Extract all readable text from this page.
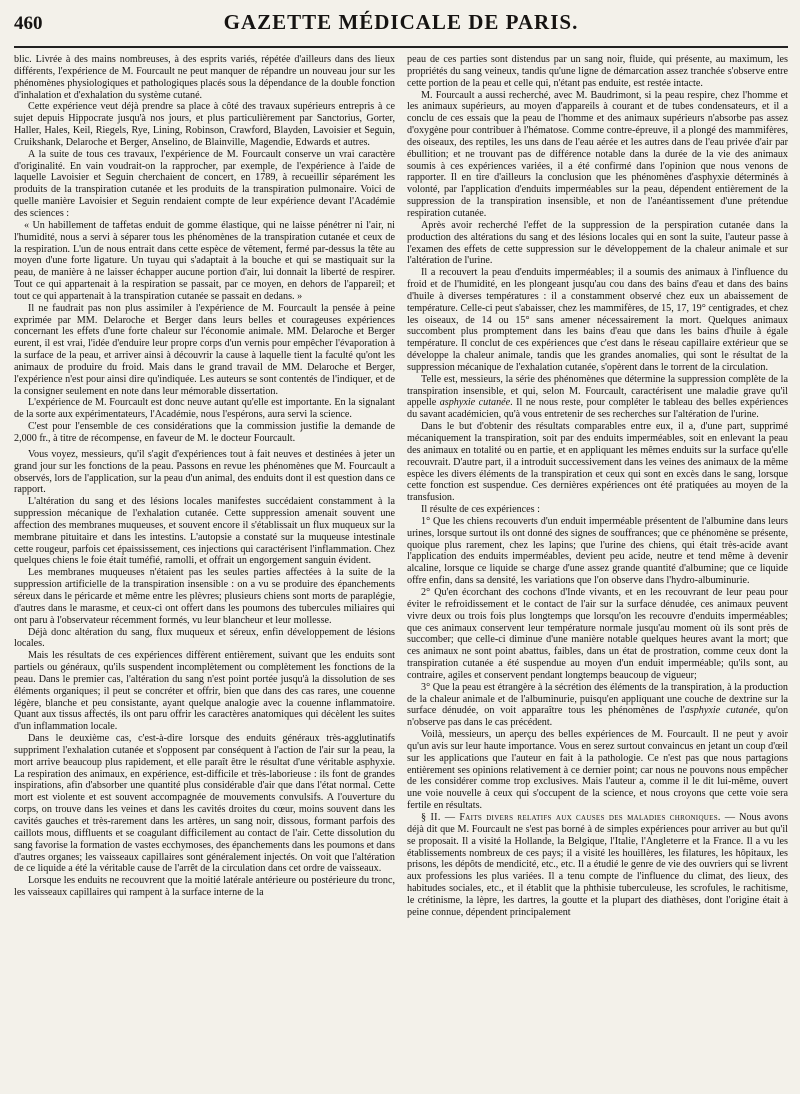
460	GAZETTE MÉDICALE DE PARIS.

blic. Livrée à des mains nombreuses, à des esprits variés, répétée d'ailleurs dans des lieux différents, l'expérience de M. Fourcault ne peut manquer de répandre un nouveau jour sur les phénomènes physiologiques et pathologiques placés sous la dépendance de la double fonction d'inhalation et d'exhalation du système cutané.

Cette expérience veut déjà prendre sa place à côté des travaux supérieurs entrepris à ce sujet depuis Hippocrate jusqu'à nos jours, et plus particulièrement par Sanctorius, Gorter, Haller, Hales, Keil, Riegels, Rye, Lining, Robinson, Crawford, Blayden, Lavoisier et Seguin, Cruikshank, Delaroche et Berger, Anselino, de Blainville, Magendie, Edwards et autres.

A la suite de tous ces travaux, l'expérience de M. Fourcault conserve un vrai caractère d'originalité. En vain voudrait-on la rapprocher, par exemple, de l'expérience à l'aide de laquelle Lavoisier et Seguin cherchaient de concert, en 1789, à recueillir séparément les produits de la transpiration cutanée et les produits de la transpiration pulmonaire. Voici de quelle manière Lavoisier et Seguin rendaient compte de leur expérience devant l'Académie des sciences :

« Un habillement de taffetas enduit de gomme élastique, qui ne laisse pénétrer ni l'air, ni l'humidité, nous a servi à séparer tous les phénomènes de la transpiration cutanée et ceux de la respiration. L'un de nous entrait dans cette espèce de vêtement, fermé par-dessus la tête au moyen d'une forte ligature. Un tuyau qui s'adaptait à la bouche et qui se mastiquait sur la peau, de manière à ne laisser échapper aucune portion d'air, lui donnait la liberté de respirer. Tout ce qui appartenait à la respiration se passait, par ce moyen, en dehors de l'appareil; et tout ce qui appartenait à la transpiration cutanée se passait en dedans. »

Il ne faudrait pas non plus assimiler à l'expérience de M. Fourcault la pensée à peine exprimée par MM. Delaroche et Berger dans leurs belles et courageuses expériences concernant les effets d'une forte chaleur sur l'économie animale. MM. Delaroche et Berger eurent, il est vrai, l'idée d'enduire leur propre corps d'un vernis pour empêcher l'évaporation à la surface de la peau, et arriver ainsi à découvrir la cause à laquelle tient la faculté qu'ont les animaux de produire du froid. Mais dans le grand travail de MM. Delaroche et Berger, l'expérience n'est pour ainsi dire qu'indiquée. Les auteurs se sont contentés de l'indiquer, et de la consigner seulement en note dans leur mémorable dissertation.

L'expérience de M. Fourcault est donc neuve autant qu'elle est importante. En la signalant de la sorte aux expérimentateurs, l'Académie, nous l'espérons, aura servi la science.

C'est pour l'ensemble de ces considérations que la commission justifie la demande de 2,000 fr., à titre de récompense, en faveur de M. le docteur Fourcault.

Vous voyez, messieurs, qu'il s'agit d'expériences tout à fait neuves et destinées à jeter un grand jour sur les fonctions de la peau. Passons en revue les phénomènes que M. Fourcault a observés, lors de l'application, sur la peau d'un animal, des enduits dont il est question dans ce rapport.

L'altération du sang et des lésions locales manifestes succédaient constamment à la suppression mécanique de l'exhalation cutanée. Cette suppression amenait souvent une affection des membranes muqueuses, et souvent encore il s'établissait un flux muqueux sur la membrane pituitaire et dans les intestins. L'autopsie a constaté sur la muqueuse intestinale cette rougeur, parfois cet épaississement, ces injections qui caractérisent l'inflammation. Chez quelques chiens le foie était tuméfié, ramolli, et offrait un engorgement sanguin évident.

Les membranes muqueuses n'étaient pas les seules parties affectées à la suite de la suppression artificielle de la transpiration insensible : on a vu se produire des épanchements séreux dans le péricarde et même entre les plèvres; plusieurs chiens sont morts de paraplégie, d'autres dans le marasme, et ceux-ci ont offert dans les poumons des tubercules miliaires qui ont paru à l'observateur récemment formés, vu leur blancheur et leur mollesse.

Déjà donc altération du sang, flux muqueux et séreux, enfin développement de lésions locales.

Mais les résultats de ces expériences diffèrent entièrement, suivant que les enduits sont partiels ou généraux, qu'ils suspendent incomplètement ou complètement les fonctions de la peau. Dans le premier cas, l'altération du sang n'est point portée jusqu'à la dissolution de ses éléments organiques; il peut se concréter et offrir, bien que dans des cas rares, une couenne légère, blanche et peu consistante, ayant quelque analogie avec la couenne inflammatoire. Quant aux tissus affectés, ils ont paru offrir les caractères anatomiques qui décèlent les suites d'un inflammation locale.

Dans le deuxième cas, c'est-à-dire lorsque des enduits généraux très-agglutinatifs suppriment l'exhalation cutanée et s'opposent par conséquent à l'action de l'air sur la peau, la mort arrive beaucoup plus rapidement, et elle paraît être le résultat d'une véritable asphyxie. La respiration des animaux, en expérience, est-difficile et très-laborieuse : ils font de grandes inspirations, afin d'absorber une quantité plus considérable d'air que dans l'état normal. Cette mort est violente et est souvent accompagnée de mouvements convulsifs. A l'ouverture du corps, on trouve dans les veines et dans les cavités droites du cœur, moins souvent dans les cavités gauches et très-rarement dans les artères, un sang noir, dissous, formant parfois des caillots mous, diffluents et se coagulant difficilement au contact de l'air. Cette dissolution du sang favorise la formation de vastes ecchymoses, des épanchements dans les poumons et dans d'autres organes; les vaisseaux capillaires sont généralement injectés. On voit que l'altération de ce liquide a été la véritable cause de l'arrêt de la circulation dans cet ordre de vaisseaux.

Lorsque les enduits ne recouvrent que la moitié latérale antérieure ou postérieure du tronc, les vaisseaux capillaires qui rampent à la surface interne de la

peau de ces parties sont distendus par un sang noir, fluide, qui présente, au maximum, les propriétés du sang veineux, tandis qu'une ligne de démarcation assez tranchée s'observe entre cette portion de la peau et celle qui, n'étant pas enduite, est restée intacte.

M. Fourcault a aussi recherché, avec M. Baudrimont, si la peau respire, chez l'homme et les animaux supérieurs, au moyen d'appareils à courant et de tubes condensateurs, et il a conclu de ces essais que la peau de l'homme et des animaux supérieurs n'absorbe pas assez d'oxygène pour contribuer à l'hématose. Comme contre-épreuve, il a plongé des mammifères, des oiseaux, des reptiles, les uns dans de l'eau aérée et les autres dans de l'eau privée d'air par ébullition; et ne trouvant pas de différence notable dans la durée de la vie des animaux soumis à ces expériences variées, il a été confirmé dans l'opinion que nous venons de rapporter. Il en tire d'ailleurs la conclusion que les phénomènes d'asphyxie déterminés à volonté, par l'application d'enduits imperméables sur la peau, dépendent entièrement de la suppression de la transpiration insensible, et non de l'anéantissement d'une prétendue respiration cutanée.

Après avoir recherché l'effet de la suppression de la perspiration cutanée dans la production des altérations du sang et des lésions locales qui en sont la suite, l'auteur passe à l'examen des effets de cette suppression sur le développement de la chaleur animale et sur l'altération de l'urine.

Il a recouvert la peau d'enduits imperméables; il a soumis des animaux à l'influence du froid et de l'humidité, en les plongeant jusqu'au cou dans des bains d'eau et dans des bains d'huile à diverses températures : il a constamment observé chez eux un abaissement de température. Celle-ci peut s'abaisser, chez les mammifères, de 15, 17, 19° centigrades, et chez les oiseaux, de 14 ou 15° sans amener nécessairement la mort. Quelques animaux succombent plus promptement dans les bains d'eau que dans les bains d'huile à égale température. Il conclut de ces expériences que c'est dans le réseau capillaire extérieur que se développe la chaleur animale, tandis que les grandes anomalies, qui sont le résultat de la suppression mécanique de l'exhalation cutanée, s'opèrent dans le torrent de la circulation.

Telle est, messieurs, la série des phénomènes que détermine la suppression complète de la transpiration insensible, et qui, selon M. Fourcault, caractérisent une maladie grave qu'il appelle asphyxie cutanée. Il ne nous reste, pour compléter le tableau des belles expériences du savant académicien, qu'à vous entretenir de ses recherches sur l'altération de l'urine.

Dans le but d'obtenir des résultats comparables entre eux, il a, d'une part, supprimé mécaniquement la transpiration, soit par des enduits imperméables, soit en enlevant la peau des animaux en totalité ou en partie, et en appliquant les mêmes enduits sur la surface qu'elle recouvrait. D'autre part, il a introduit successivement dans les veines des animaux de la même espèce les divers éléments de la transpiration et ceux qui sont en excès dans le sang, lorsque cette fonction est suspendue. Ces dernières expériences ont été pratiquées au moyen de la transfusion.

Il résulte de ces expériences :

1° Que les chiens recouverts d'un enduit imperméable présentent de l'albumine dans leurs urines, lorsque surtout ils ont donné des signes de souffrances; que ce phénomène se présente, quoique plus rarement, chez les lapins; que l'urine des chiens, qui était très-acide avant l'application des enduits imperméables, devient peu acide, neutre et tend même à devenir alcaline, lorsque ce liquide se charge d'une assez grande quantité d'albumine; que ce liquide offre enfin, dans sa densité, les variations que l'on observe dans l'hydro-albuminurie.

2° Qu'en écorchant des cochons d'Inde vivants, et en les recouvrant de leur peau pour éviter le refroidissement et le contact de l'air sur la surface dénudée, ces animaux peuvent vivre deux ou trois fois plus longtemps que lorsqu'on les recouvre d'enduits imperméables; que ces animaux conservent leur température normale jusqu'au moment où ils sont près de succomber; que celle-ci diminue d'une manière notable quelques heures avant la mort; que ces animaux ne sont point abattus, faibles, dans un état de prostration, comme ceux dont la transpiration cutanée a été suspendue au moyen d'un enduit imperméable; qu'ils sont, au contraire, agiles et conservent pendant longtemps beaucoup de vigueur;

3° Que la peau est étrangère à la sécrétion des éléments de la transpiration, à la production de la chaleur animale et de l'albuminurie, puisqu'en appliquant une couche de dextrine sur la surface dénudée, on voit apparaître tous les phénomènes de l'asphyxie cutanée, qu'on n'observe pas dans le cas précédent.

Voilà, messieurs, un aperçu des belles expériences de M. Fourcault. Il ne peut y avoir qu'un avis sur leur haute importance. Vous en serez surtout convaincus en jetant un coup d'œil sur les applications que l'auteur en fait à la pathologie. Ce n'est pas que nous partagions entièrement ses opinions relativement à ce dernier point; car nous ne pouvons nous empêcher de les considérer comme trop exclusives. Mais l'auteur a, comme il le dit lui-même, ouvert une voie nouvelle à ceux qui s'occupent de la science, et nous croyons que cette voie sera fertile en résultats.

§ II. — Faits divers relatifs aux causes des maladies chroniques. — Nous avons déjà dit que M. Fourcault ne s'est pas borné à de simples expériences pour arriver au but qu'il se proposait. Il a visité la Hollande, la Belgique, l'Italie, l'Angleterre et la France. Il a vu les établissements nombreux de ces pays; il a visité les houillères, les filatures, les hôpitaux, les prisons, les dépôts de mendicité, etc., etc. Il a étudié le genre de vie des ouvriers qui se livrent aux professions les plus variées. Il a tenu compte de l'influence du climat, des lieux, des habitudes sociales, etc., et il établit que la phthisie tuberculeuse, les scrofules, le rachitisme, le crétinisme, la lèpre, les dartres, la goutte et la plupart des diathèses, dont l'origine était à peine connue, dépendent principalement
